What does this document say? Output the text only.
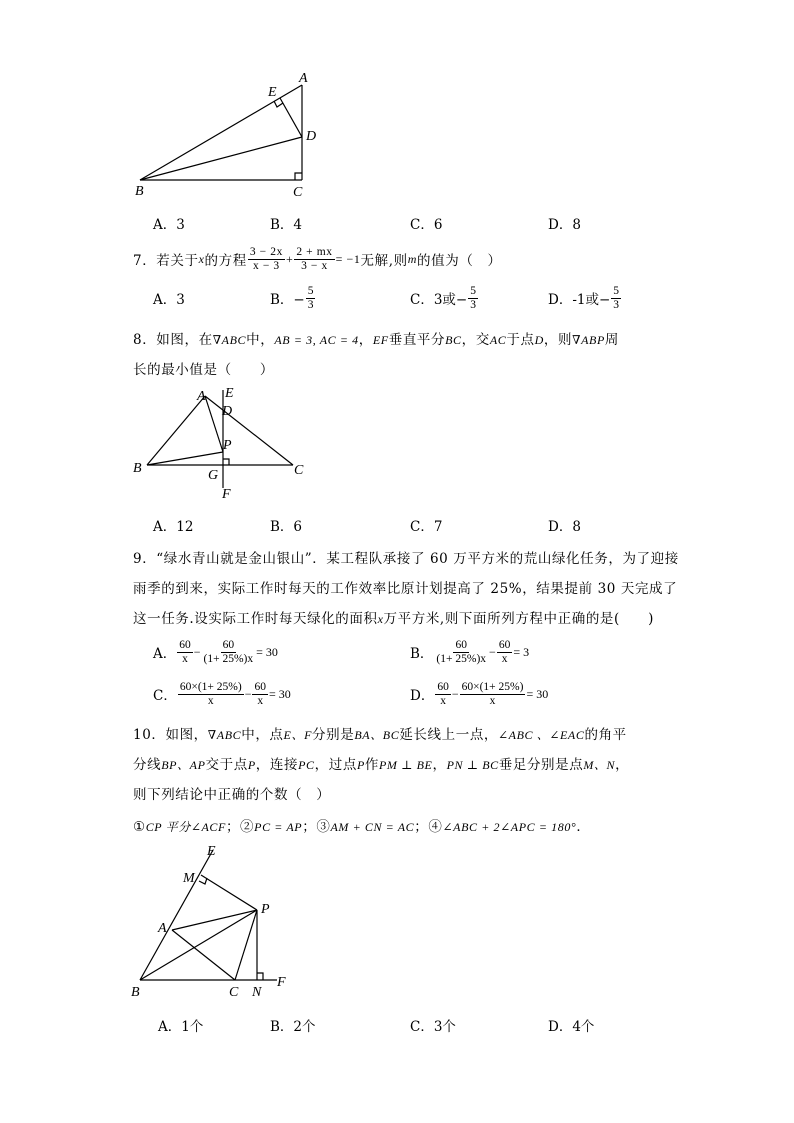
A
E
D
B	C
A．3	B．4	C．6	D．8
7．若关于 x 的方程 $\frac{3 - 2x}{x - 3} + \frac{2 + mx}{3 - x} = -1$ 无解,则 m 的值为（　）
A．3	B．− $\frac{5}{3}$	C．3或− $\frac{5}{3}$	D．-1或− $\frac{5}{3}$
8．如图，在∇ABC中，AB = 3, AC = 4，EF垂直平分BC，交AC于点D，则∇ABP周
长的最小值是（　　）
A E
D
P
B	G	C
F
A．12	B．6	C．7	D．8
9．“绿水青山就是金山银山”．某工程队承接了 60 万平方米的荒山绿化任务，为了迎接
雨季的到来，实际工作时每天的工作效率比原计划提高了 25%，结果提前 30 天完成了
这一任务.设实际工作时每天绿化的面积x万平方米,则下面所列方程中正确的是(　　)
A． $\frac{60}{x} - \frac{60}{(1+ 25\%)x} = 30$	B． $\frac{60}{(1+ 25\%)x} - \frac{60}{x} = 3$
C． $\frac{60\times(1+ 25\%)}{x} - \frac{60}{x} = 30$	D． $\frac{60}{x} - \frac{60\times(1+ 25\%)}{x} = 30$
10．如图，∇ABC中，点E、F分别是BA、BC延长线上一点，∠ABC 、∠EAC的角平
分线BP、AP交于点P，连接PC，过点P作PM ⊥ BE，PN ⊥ BC垂足分别是点M、N，
则下列结论中正确的个数（　）
①CP 平分∠ACF；②PC = AP；③AM + CN = AC；④∠ABC + 2∠APC = 180°．
E
M
P
A
B	C N
F
A．1个	B．2个	C．3个	D．4个
